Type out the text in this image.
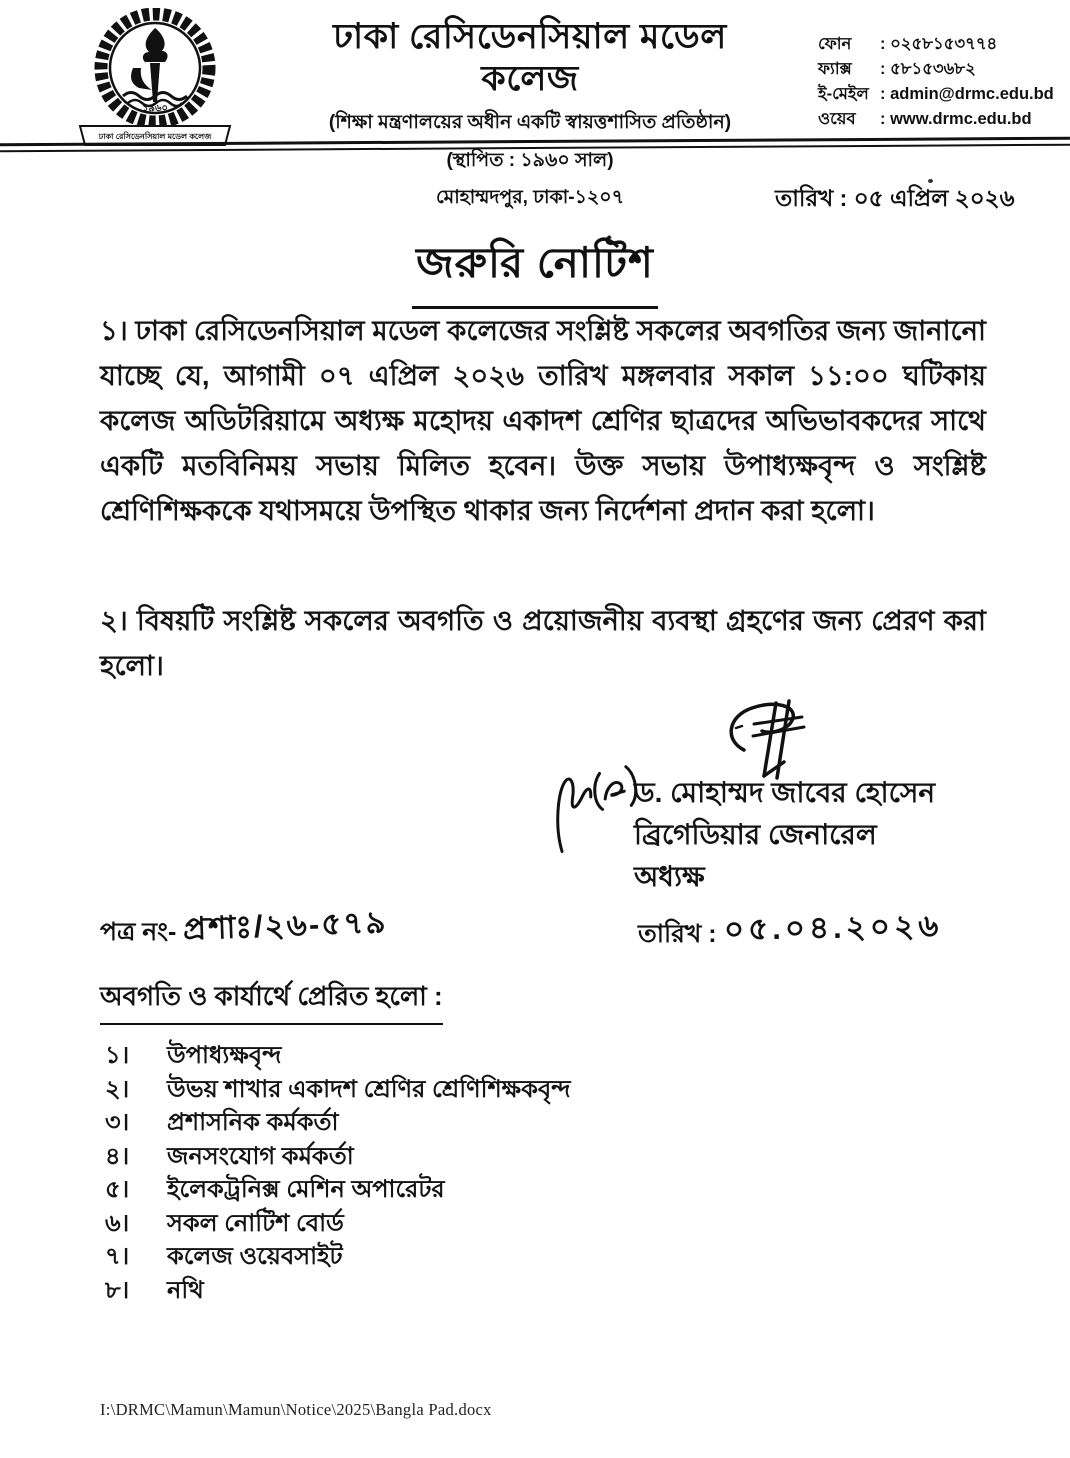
১৯৬০
ঢাকা রেসিডেনসিয়াল মডেল কলেজ
ঢাকা রেসিডেনসিয়াল মডেল কলেজ
(শিক্ষা মন্ত্রণালয়ের অধীন একটি স্বায়ত্তশাসিত প্রতিষ্ঠান)
(স্থাপিত : ১৯৬০ সাল)
মোহাম্মদপুর, ঢাকা-১২০৭
ফোন	: ০২৫৮১৫৩৭৭৪
ফ্যাক্স	: ৫৮১৫৩৬৮২
ই-মেইল : admin@drmc.edu.bd
ওয়েব	: www.drmc.edu.bd
তারিখ : ০৫ এপ্রিল ২০২৬
জরুরি নোটিশ
১। ঢাকা রেসিডেনসিয়াল মডেল কলেজের সংশ্লিষ্ট সকলের অবগতির জন্য জানানো যাচ্ছে যে, আগামী ০৭ এপ্রিল ২০২৬ তারিখ মঙ্গলবার সকাল ১১:০০ ঘটিকায় কলেজ অডিটরিয়ামে অধ্যক্ষ মহোদয় একাদশ শ্রেণির ছাত্রদের অভিভাবকদের সাথে একটি মতবিনিময় সভায় মিলিত হবেন। উক্ত সভায় উপাধ্যক্ষবৃন্দ ও সংশ্লিষ্ট শ্রেণিশিক্ষককে যথাসময়ে উপস্থিত থাকার জন্য নির্দেশনা প্রদান করা হলো।
২। বিষয়টি সংশ্লিষ্ট সকলের অবগতি ও প্রয়োজনীয় ব্যবস্থা গ্রহণের জন্য প্রেরণ করা হলো।
ড. মোহাম্মদ জাবের হোসেন
ব্রিগেডিয়ার জেনারেল
অধ্যক্ষ
পত্র নং- প্রশাঃ/২৬-৫৭৯	তারিখ : ০৫.০৪.২০২৬
অবগতি ও কার্যার্থে প্রেরিত হলো :
১।	উপাধ্যক্ষবৃন্দ
২।	উভয় শাখার একাদশ শ্রেণির শ্রেণিশিক্ষকবৃন্দ
৩।	প্রশাসনিক কর্মকর্তা
৪।	জনসংযোগ কর্মকর্তা
৫।	ইলেকট্রনিক্স মেশিন অপারেটর
৬।	সকল নোটিশ বোর্ড
৭।	কলেজ ওয়েবসাইট
৮।	নথি
I:\DRMC\Mamun\Mamun\Notice\2025\Bangla Pad.docx
